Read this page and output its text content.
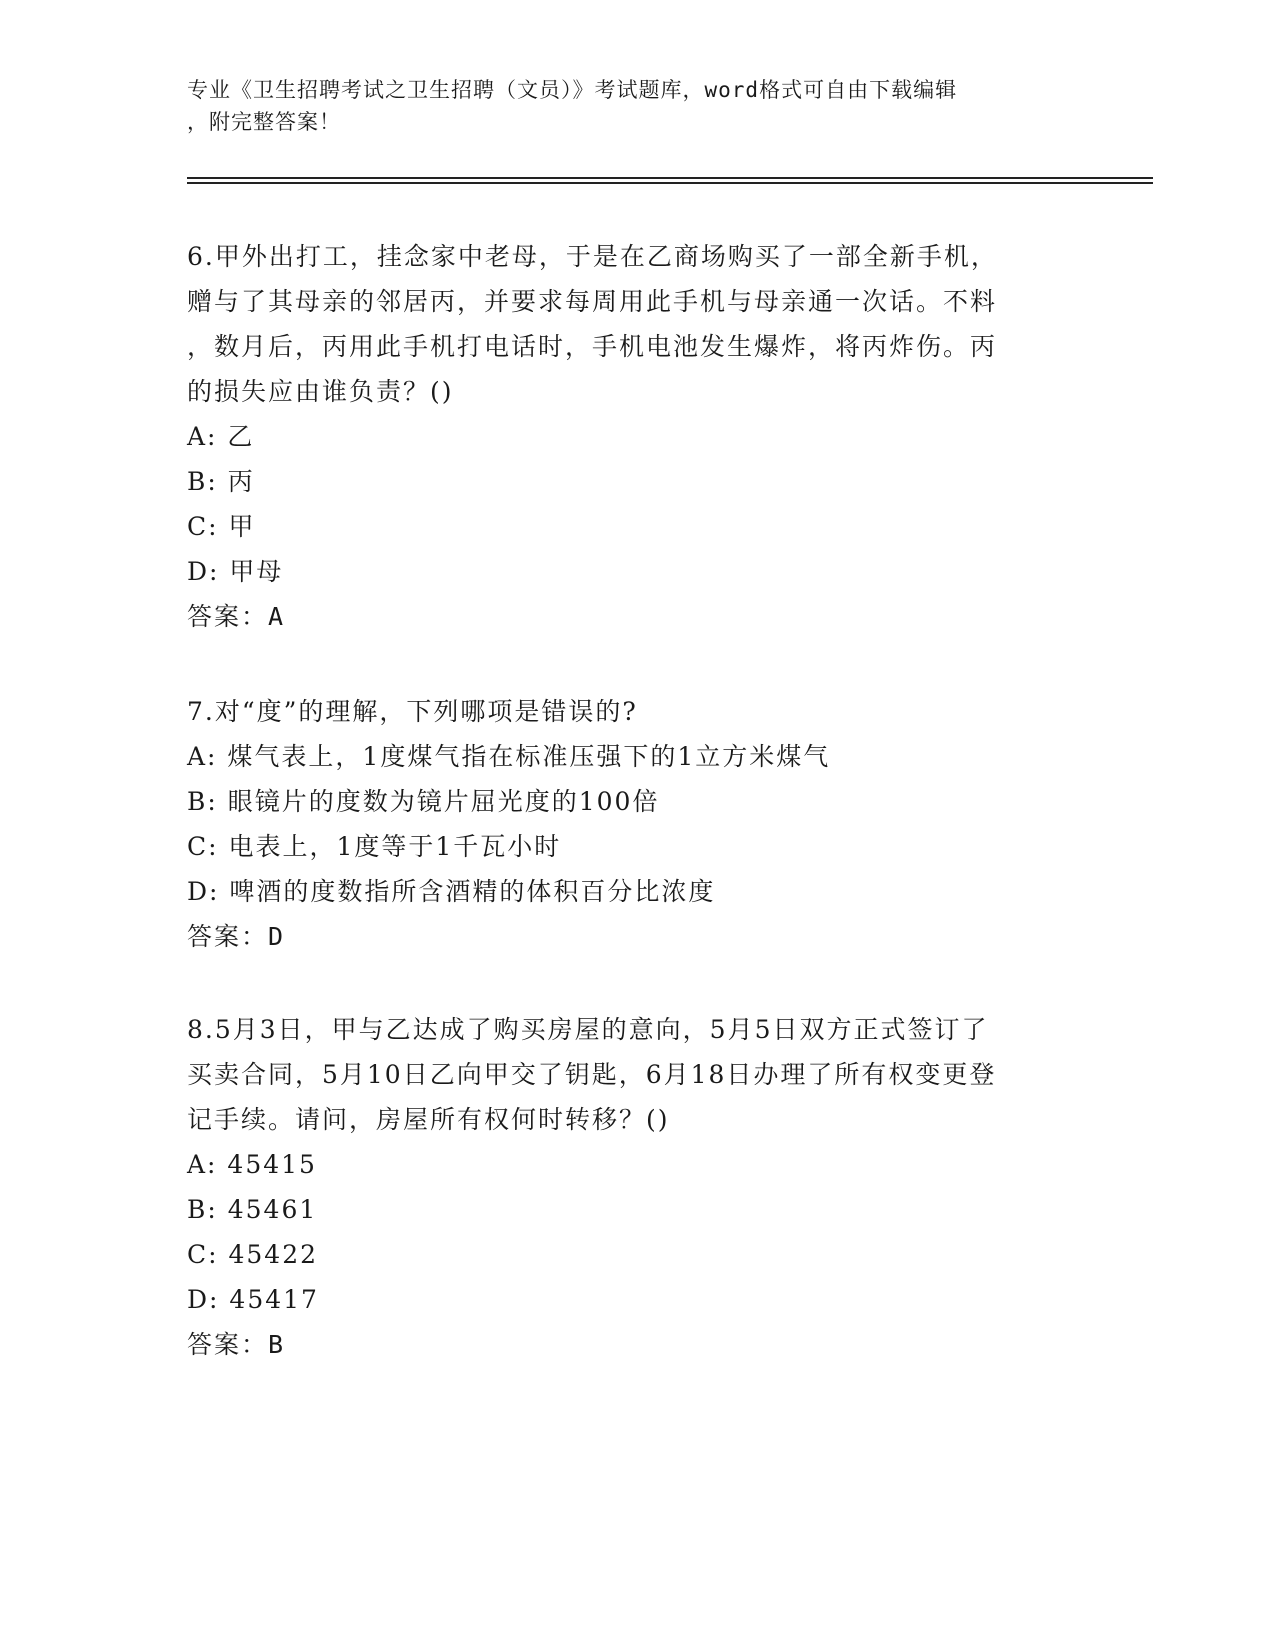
专业《卫生招聘考试之卫生招聘（文员）》考试题库，word格式可自由下载编辑
，附完整答案！
6.甲外出打工，挂念家中老母，于是在乙商场购买了一部全新手机，
赠与了其母亲的邻居丙，并要求每周用此手机与母亲通一次话。不料
，数月后，丙用此手机打电话时，手机电池发生爆炸，将丙炸伤。丙
的损失应由谁负责？()
A: 乙
B: 丙
C: 甲
D: 甲母
答案：A
7.对“度”的理解，下列哪项是错误的?
A: 煤气表上，1度煤气指在标准压强下的1立方米煤气
B: 眼镜片的度数为镜片屈光度的100倍
C: 电表上，1度等于1千瓦小时
D: 啤酒的度数指所含酒精的体积百分比浓度
答案：D
8.5月3日，甲与乙达成了购买房屋的意向，5月5日双方正式签订了
买卖合同，5月10日乙向甲交了钥匙，6月18日办理了所有权变更登
记手续。请问，房屋所有权何时转移？()
A: 45415
B: 45461
C: 45422
D: 45417
答案：B
